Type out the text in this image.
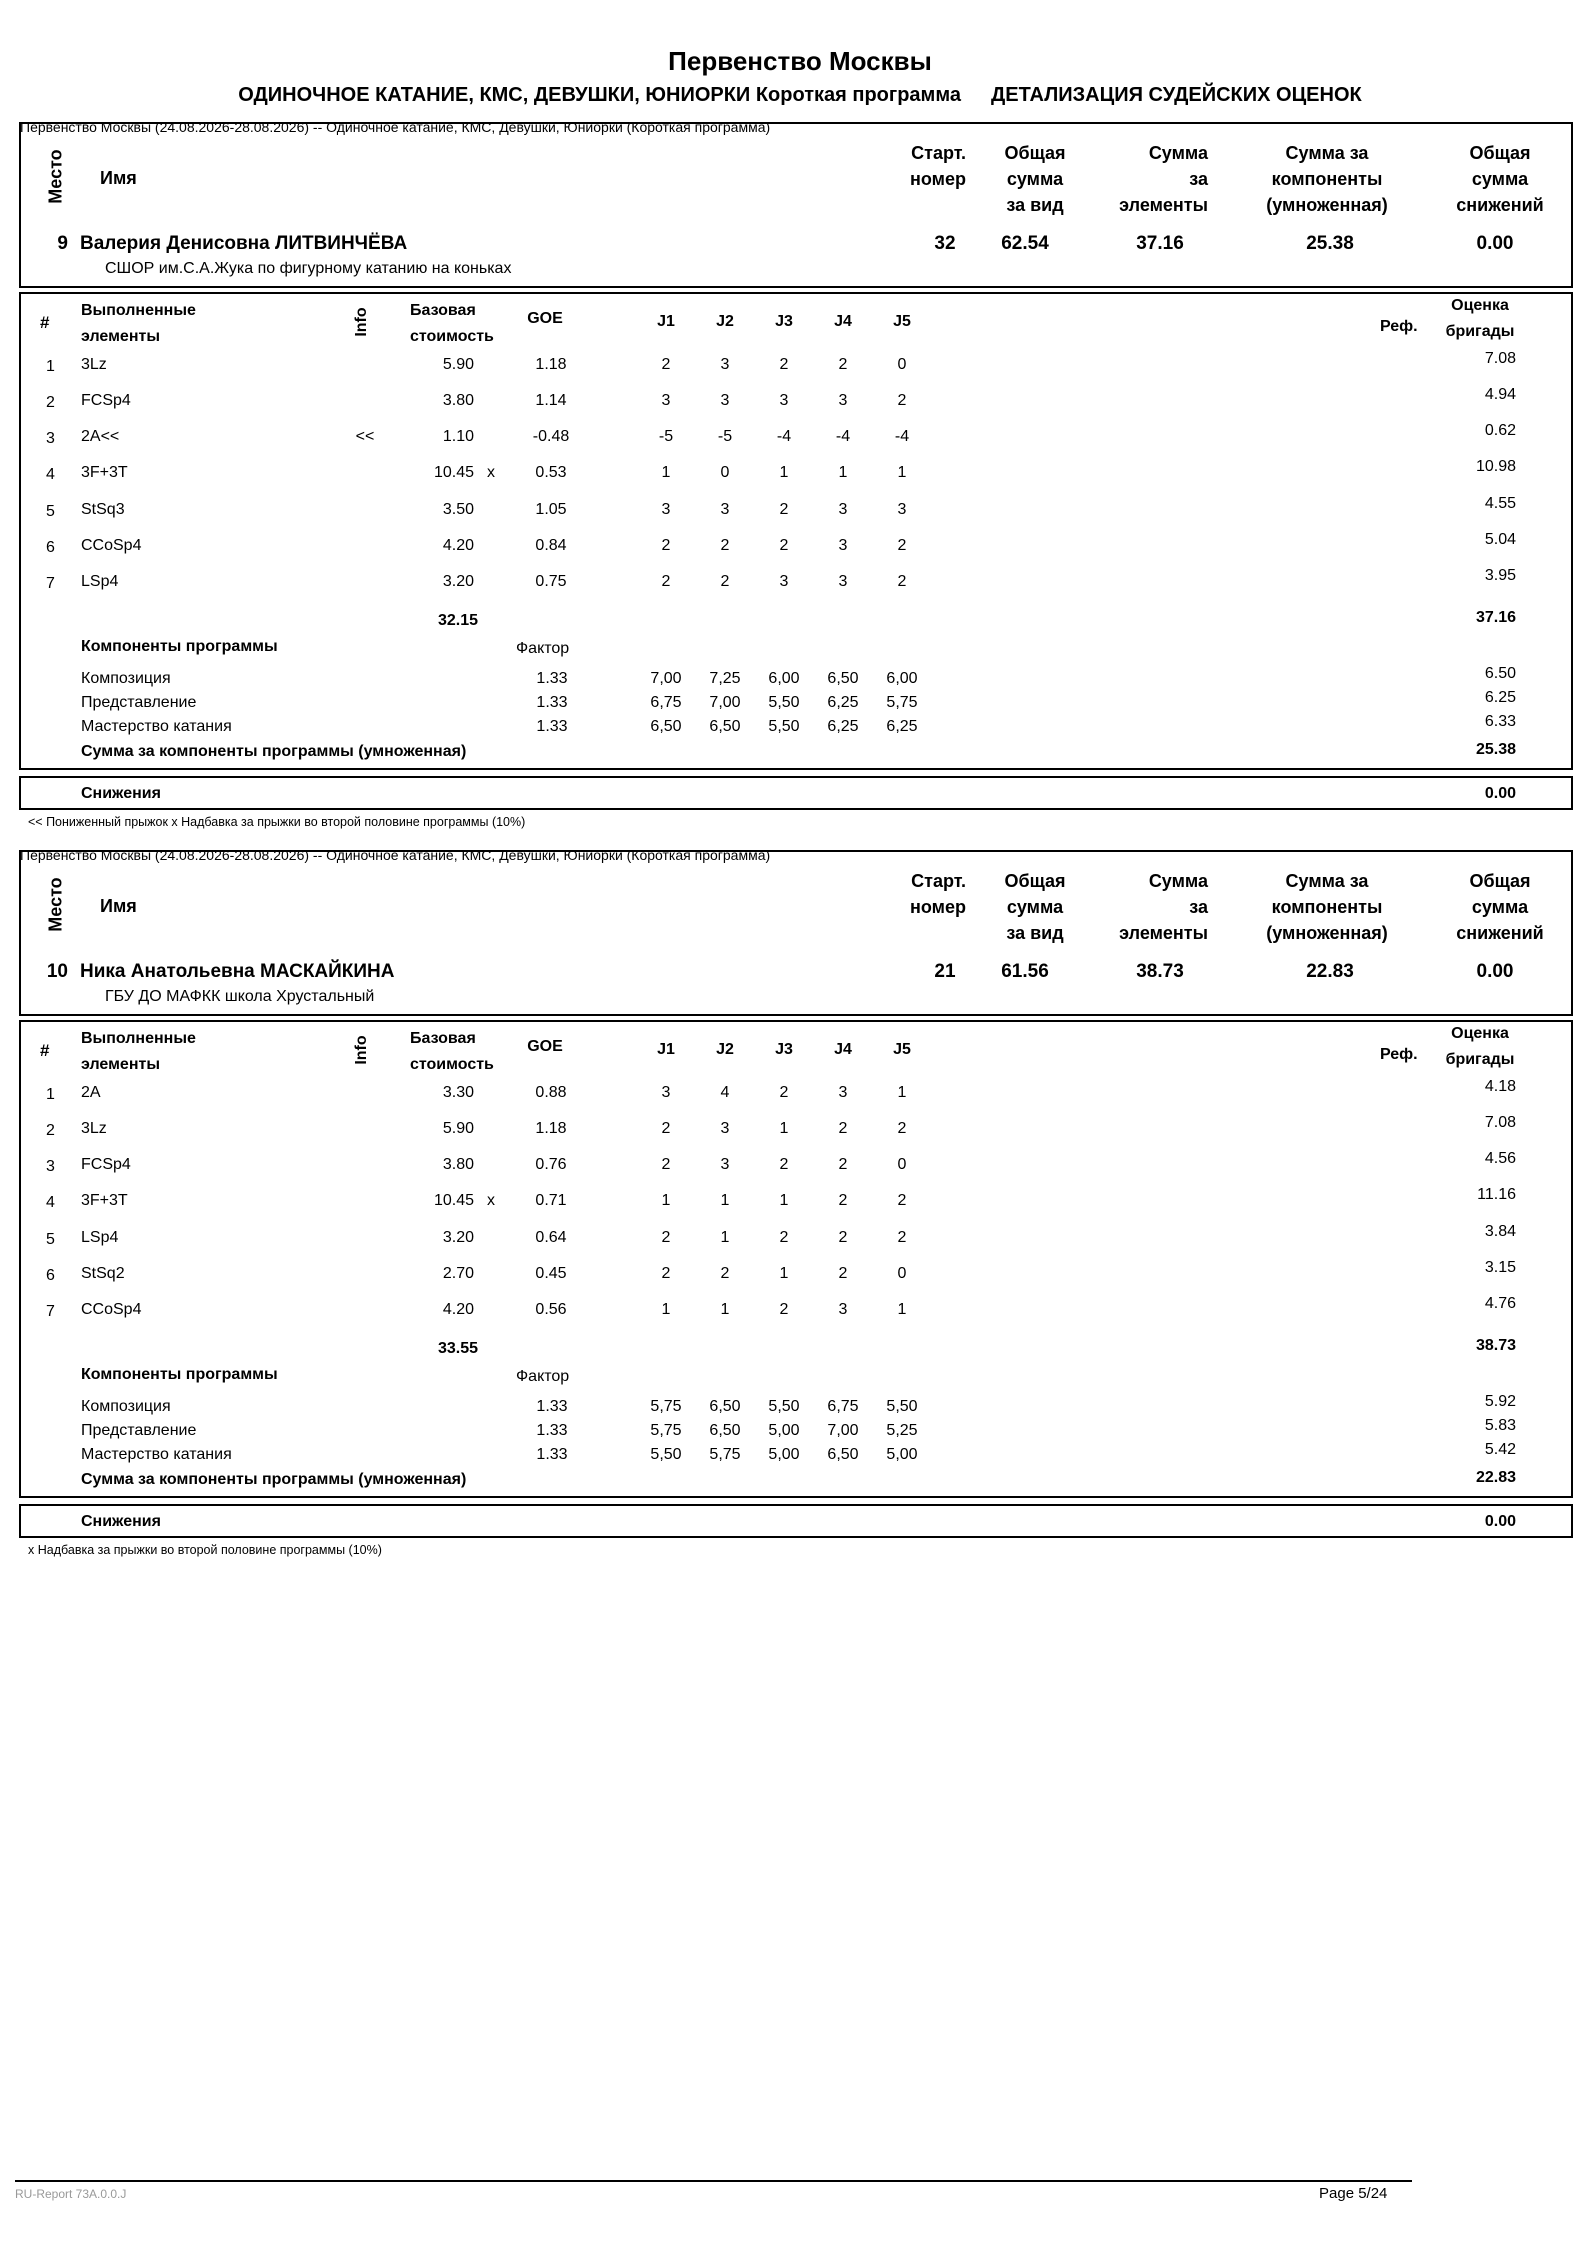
Первенство Москвы
ОДИНОЧНОЕ КАТАНИЕ, КМС, ДЕВУШКИ, ЮНИОРКИ Короткая программа ДЕТАЛИЗАЦИЯ СУДЕЙСКИХ ОЦЕНОК
Первенство Москвы (24.08.2026-28.08.2026) -- Одиночное катание, КМС, Девушки, Юниорки (Короткая программа)
Место Имя
Старт.
номер
Общая
сумма
за вид
Сумма
за
элементы
Сумма за
компоненты
(умноженная)
Общая
сумма
снижений
9 Валерия Денисовна ЛИТВИНЧЁВА
СШОР им.С.А.Жука по фигурному катанию на коньках
32	62.54	37.16	25.38	0.00
#
Выполненные
элементы	Info	Базовая
стоимость
GOE	J1	J2	J3	J4	J5	Реф.
Оценка
бригады
1 3Lz	5.90	1.18	2	3	2	2	0	7.08
2 FCSp4	3.80	1.14	3	3	3	3	2	4.94
3 2A<<	<<	1.10	-0.48	-5	-5	-4	-4	-4	0.62
4 3F+3T	10.45 x	0.53	1	0	1	1	1	10.98
5 StSq3	3.50	1.05	3	3	2	3	3	4.55
6 CCoSp4	4.20	0.84	2	2	2	3	2	5.04
7 LSp4	3.20	0.75	2	2	3	3	2	3.95
32.15	37.16
Компоненты программы	Фактор
Композиция	1.33	7,00	7,25	6,00	6,50	6,00	6.50
Представление	1.33	6,75	7,00	5,50	6,25	5,75	6.25
Мастерство катания	1.33	6,50	6,50	5,50	6,25	6,25	6.33
Сумма за компоненты программы (умноженная)	25.38
Снижения	0.00
<< Пониженный прыжок x Надбавка за прыжки во второй половине программы (10%)
Первенство Москвы (24.08.2026-28.08.2026) -- Одиночное катание, КМС, Девушки, Юниорки (Короткая программа)
Место Имя
Старт.
номер
Общая
сумма
за вид
Сумма
за
элементы
Сумма за
компоненты
(умноженная)
Общая
сумма
снижений
10 Ника Анатольевна МАСКАЙКИНА
ГБУ ДО МАФКК школа Хрустальный
21	61.56	38.73	22.83	0.00
#
Выполненные
элементы	Info	Базовая
стоимость
GOE	J1	J2	J3	J4	J5	Реф.
Оценка
бригады
1 2A	3.30	0.88	3	4	2	3	1	4.18
2 3Lz	5.90	1.18	2	3	1	2	2	7.08
3 FCSp4	3.80	0.76	2	3	2	2	0	4.56
4 3F+3T	10.45 x	0.71	1	1	1	2	2	11.16
5 LSp4	3.20	0.64	2	1	2	2	2	3.84
6 StSq2	2.70	0.45	2	2	1	2	0	3.15
7 CCoSp4	4.20	0.56	1	1	2	3	1	4.76
33.55	38.73
Компоненты программы	Фактор
Композиция	1.33	5,75	6,50	5,50	6,75	5,50	5.92
Представление	1.33	5,75	6,50	5,00	7,00	5,25	5.83
Мастерство катания	1.33	5,50	5,75	5,00	6,50	5,00	5.42
Сумма за компоненты программы (умноженная)	22.83
Снижения	0.00
x Надбавка за прыжки во второй половине программы (10%)
RU-Report 73A.0.0.J	Page 5/24
